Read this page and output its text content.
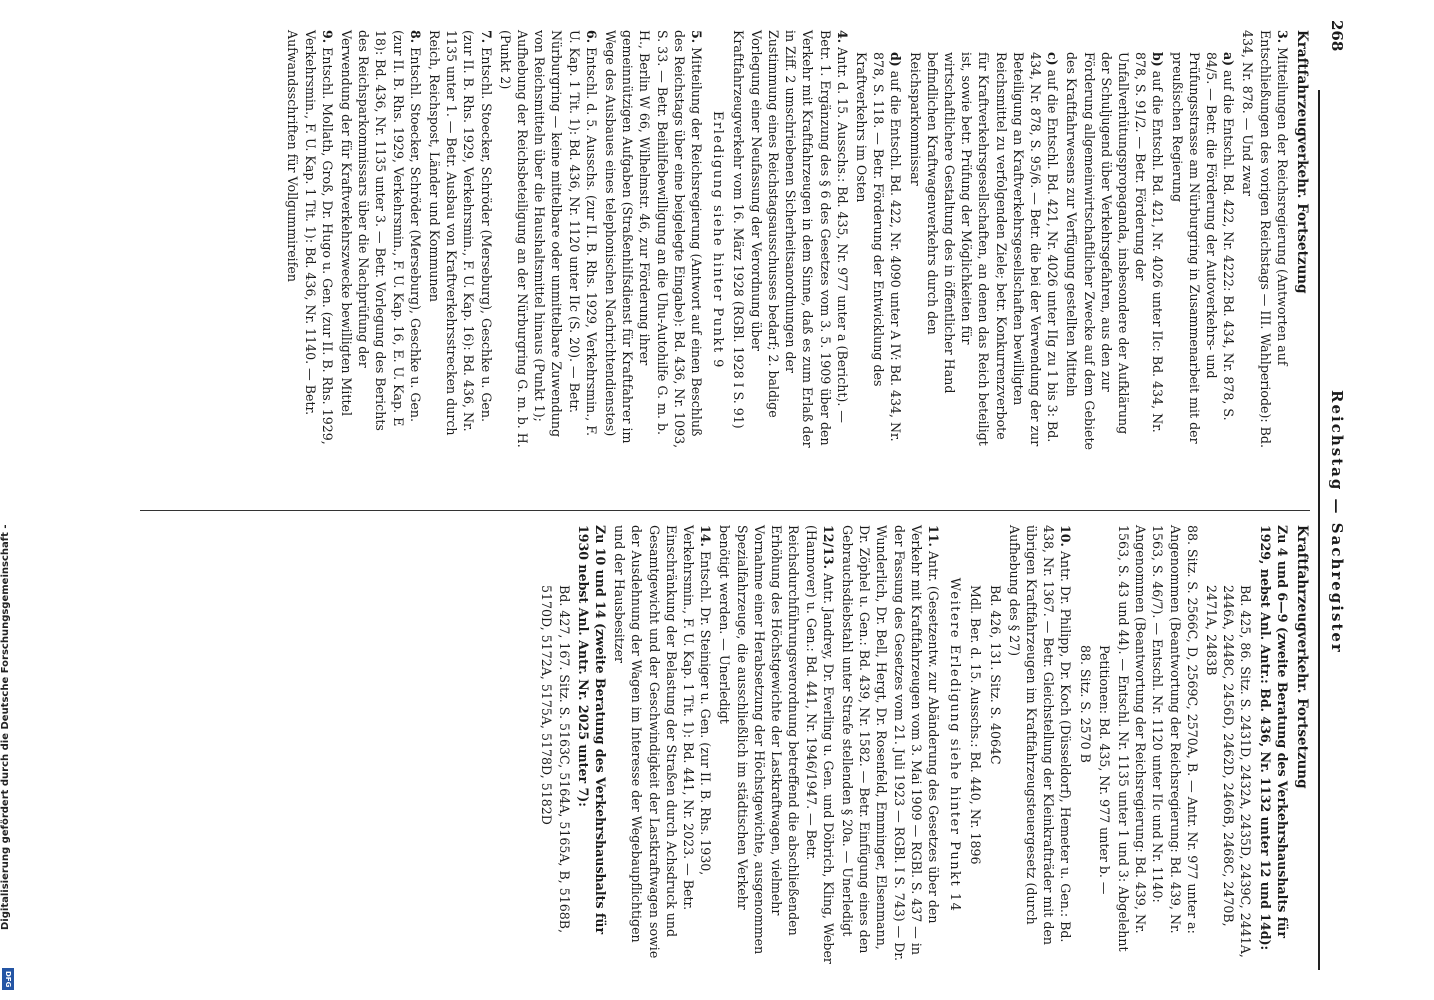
Digitalisierung gefördert durch die Deutsche Forschungsgemeinschaft -
DFG
268
Reichstag — Sachregister
Kraftfahrzeugverkehr. Fortsetzung
3. Mitteilungen der Reichsregierung (Antworten auf Entschließungen des vorigen Reichstags — III. Wahlperiode): Bd. 434, Nr. 878. — Und zwar
a) auf die Entschl. Bd. 422, Nr. 4222: Bd. 434, Nr. 878, S. 84/5. — Betr. die Förderung der Autoverkehrs- und Prüfungsstrasse am Nürburgring in Zusammenarbeit mit der preußischen Regierung
b) auf die Entschl. Bd. 421, Nr. 4026 unter IIc: Bd. 434, Nr. 878, S. 91/2. — Betr. Förderung der Unfallverhütungspropaganda, insbesondere der Aufklärung der Schuljugend über Verkehrsgefahren, aus den zur Förderung allgemeinwirtschaftlicher Zwecke auf dem Gebiete des Kraftfahrwesens zur Verfügung gestellten Mitteln
c) auf die Entschl. Bd. 421, Nr. 4026 unter IIg zu 1 bis 3: Bd. 434, Nr. 878, S. 95/6. — Betr. die bei der Verwendung der zur Beteiligung an Kraftverkehrsgesellschaften bewilligten Reichsmittel zu verfolgenden Ziele; betr. Konkurrenzverbote für Kraftverkehrsgesellschaften, an denen das Reich beteiligt ist, sowie betr. Prüfung der Möglichkeiten für wirtschaftlichere Gestaltung des in öffentlicher Hand befindlichen Kraftwagenverkehrs durch den Reichsparkommissar
d) auf die Entschl. Bd. 422, Nr. 4090 unter A IV: Bd. 434, Nr. 878, S. 118. — Betr. Förderung der Entwicklung des Kraftverkehrs im Osten
4. Antr. d. 15. Ausschs.: Bd. 435, Nr. 977 unter a (Bericht). — Betr. 1. Ergänzung des § 6 des Gesetzes vom 3. 5. 1909 über den Verkehr mit Kraftfahrzeugen in dem Sinne, daß es zum Erlaß der in Ziff. 2 umschriebenen Sicherheitsanordnungen der Zustimmung eines Reichstagsausschusses bedarf; 2. baldige Vorlegung einer Neufassung der Verordnung über Kraftfahrzeugverkehr vom 16. März 1928 (RGBl. 1928 I S. 91)
Erledigung siehe hinter Punkt 9
5. Mitteilung der Reichsregierung (Antwort auf einen Beschluß des Reichstags über eine beigelegte Eingabe): Bd. 436, Nr. 1093, S. 33. — Betr. Beihilfebewilligung an die Uhu-Autohilfe G. m. b. H., Berlin W 66, Wilhelmstr. 46, zur Förderung ihrer gemeinnützigen Aufgaben (Straßenhilfsdienst für Kraftfahrer im Wege des Ausbaues eines telephonischen Nachrichtendienstes)
6. Entschl. d. 5. Ausschs. (zur II. B. Rhs. 1929, Verkehrsmin., F. U. Kap. 1 Tit. 1): Bd. 436, Nr. 1120 unter IIc (S. 20). — Betr. Nürburgring — keine mittelbare oder unmittelbare Zuwendung von Reichsmitteln über die Haushaltsmittel hinaus (Punkt 1); Aufhebung der Reichsbeteiligung an der Nürburgring G. m. b. H. (Punkt 2)
7. Entschl. Stoecker, Schröder (Merseburg), Geschke u. Gen. (zur II. B. Rhs. 1929, Verkehrsmin., F. U. Kap. 16): Bd. 436, Nr. 1135 unter 1. — Betr. Ausbau von Kraftverkehrsstrecken durch Reich, Reichspost, Länder und Kommunen
8. Entschl. Stoecker, Schröder (Merseburg), Geschke u. Gen. (zur II. B. Rhs. 1929, Verkehrsmin., F. U. Kap. 16, E. U. Kap. E 18): Bd. 436, Nr. 1135 unter 3. — Betr. Vorlegung des Berichts des Reichsparkommissars über die Nachprüfung der Verwendung der für Kraftverkehrszwecke bewilligten Mittel
9. Entschl. Mollath, Groß, Dr. Hugo u. Gen. (zur II. B. Rhs. 1929, Verkehrsmin., F. U. Kap. 1 Tit. 1): Bd. 436, Nr. 1140. — Betr. Aufwandsschriften für Vollgummireifen
Kraftfahrzeugverkehr. Fortsetzung
Zu 4 und 6—9 (zweite Beratung des Verkehrshaushalts für 1929, nebst Anl. Antr.: Bd. 436, Nr. 1132 unter 12 und 14d):
Bd. 425, 86. Sitz. S. 2431D, 2432A, 2435D, 2439C, 2441A, 2446A, 2448C, 2456D, 2462D, 2466B, 2468C, 2470B, 2471A, 2483B
88. Sitz. S. 2566C, D, 2569C, 2570A, B. — Antr. Nr. 977 unter a: Angenommen (Beantwortung der Reichsregierung: Bd. 439, Nr. 1563, S. 46/7). — Entschl. Nr. 1120 unter IIc und Nr. 1140: Angenommen (Beantwortung der Reichsregierung: Bd. 439, Nr. 1563, S. 43 und 44). — Entschl. Nr. 1135 unter 1 und 3: Abgelehnt
Petitionen: Bd. 435, Nr. 977 unter b. —
88. Sitz. S. 2570 B
10. Antr. Dr. Philipp, Dr. Koch (Düsseldorf), Hemeter u. Gen.: Bd. 438, Nr. 1367. — Betr. Gleichstellung der Kleinkrafträder mit den übrigen Kraftfahrzeugen im Kraftfahrzeugsteuergesetz (durch Aufhebung des § 27)
Bd. 426, 131. Sitz. S. 4064C
Mdl. Ber. d. 15. Ausschs.: Bd. 440, Nr. 1896
Weitere Erledigung siehe hinter Punkt 14
11. Antr. (Gesetzentw. zur Abänderung des Gesetzes über den Verkehr mit Kraftfahrzeugen vom 3. Mai 1909 — RGBl. S. 437 — in der Fassung des Gesetzes vom 21. Juli 1923 — RGBl. I S. 743) — Dr. Wunderlich, Dr. Bell, Hergt, Dr. Rosenfeld, Emminger, Elsenmann, Dr. Zöphel u. Gen.: Bd. 439, Nr. 1582. — Betr. Einfügung eines den Gebrauchsdiebstahl unter Strafe stellenden § 20a. — Unerledigt
12/13. Antr. Jandrey, Dr. Everling u. Gen. und Döbrich, Kling, Weber (Hannover) u. Gen.: Bd. 441, Nr. 1946/1947. — Betr. Reichsdurchführungsverordnung betreffend die abschließenden Erhöhung des Höchstgewichte der Lastkraftwagen, vielmehr Vornahme einer Herabsetzung der Höchstgewichte, ausgenommen Spezialfahrzeuge, die ausschließlich im städtischen Verkehr benötigt werden. — Unerledigt
14. Entschl. Dr. Steiniger u. Gen. (zur II. B. Rhs. 1930, Verkehrsmin., F. U. Kap. 1 Tit. 1): Bd. 441, Nr. 2023. — Betr. Einschränkung der Belastung der Straßen durch Achsdruck und Gesamtgewicht und der Geschwindigkeit der Lastkraftwagen sowie der Ausdehnung der Wagen im Interesse der Wegebaupflichtigen und der Hausbesitzer
Zu 10 und 14 (zweite Beratung des Verkehrshaushalts für 1930 nebst Anl. Antr. Nr. 2025 unter 7):
Bd. 427, 167. Sitz. S. 5163C, 5164A, 5165A, B, 5168B, 5170D, 5172A, 5175A, 5178D, 5182D
